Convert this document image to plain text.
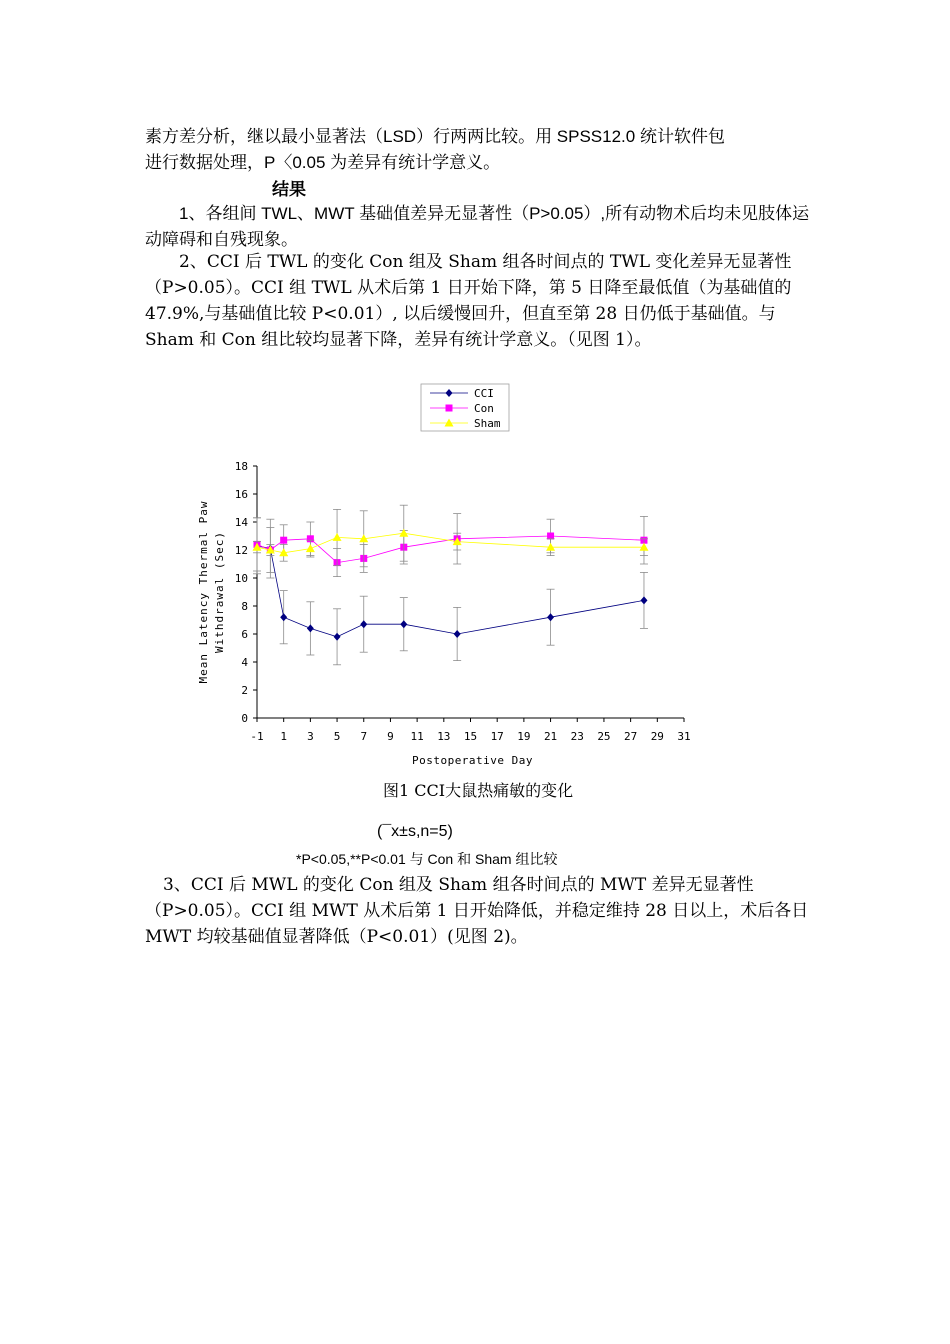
素方差分析，继以最小显著法（LSD）行两两比较。用 SPSS12.0 统计软件包

进行数据处理，P〈0.05 为差异有统计学意义。

结果
1、各组间 TWL、MWT 基础值差异无显著性（P>0.05）,所有动物术后均未见肢体运动障碍和自残现象。
2、CCI 后 TWL 的变化 Con 组及 Sham 组各时间点的 TWL 变化差异无显著性（P>0.05）。CCI 组 TWL 从术后第 1 日开始下降，第 5 日降至最低值（为基础值的 47.9%,与基础值比较 P<0.01）, 以后缓慢回升，但直至第 28 日仍低于基础值。与 Sham 和 Con 组比较均显著下降，差异有统计学意义。（见图 1）。
0
2
4
6
8
10
12
14
16
18
-1 1 3 5 7 9 11 13 15 17 19 21 23 25 27 29 31
Postoperative Day
Mean Latency Thermal Paw Withdrawal (Sec)
CCI
Con
Sham
图1 CCI大鼠热痛敏的变化
(¯x±s,n=5)
*P<0.05,**P<0.01 与 Con 和 Sham 组比较
3、CCI 后 MWL 的变化 Con 组及 Sham 组各时间点的 MWT 差异无显著性（P>0.05）。CCI 组 MWT 从术后第 1 日开始降低，并稳定维持 28 日以上，术后各日 MWT 均较基础值显著降低（P<0.01）(见图 2)。
